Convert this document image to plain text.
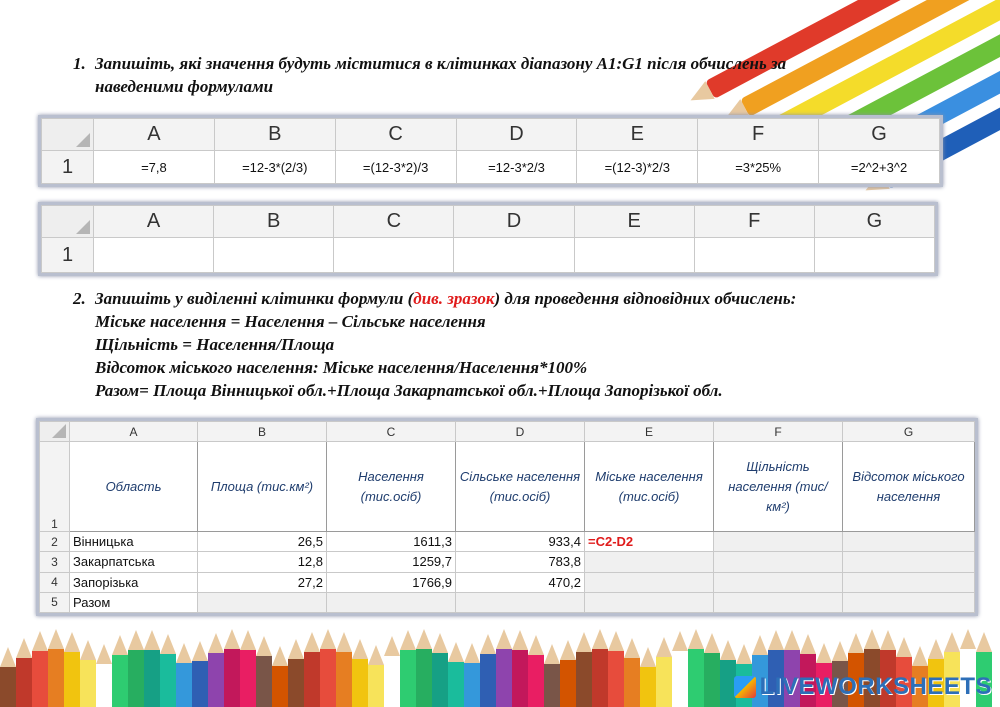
1. Запишіть, які значення будуть міститися в клітинках діапазону A1:G1 після обчислень за
наведеними формулами
	A	B	C	D	E	F	G
1	=7,8	=12-3*(2/3)	=(12-3*2)/3	=12-3*2/3	=(12-3)*2/3	=3*25%	=2^2+3^2
	A	B	C	D	E	F	G
1							
2. Запишіть у виділенні клітинки формули (див. зразок) для проведення відповідних обчислень:
Міське населення = Населення – Сільське населення
Щільність = Населення/Площа
Відсоток міського населення: Міське населення/Населення*100%
Разом= Площа Вінницької обл.+Площа Закарпатської обл.+Площа Запорізької обл.
	A	B	C	D	E	F	G
1	Область	Площа (тис.км²)	Населення (тис.осіб)	Сільське населення (тис.осіб)	Міське населення (тис.осіб)	Щільність населення (тис/км²)	Відсоток міського населення
2	Вінницька	26,5	1611,3	933,4	=C2-D2		
3	Закарпатська	12,8	1259,7	783,8			
4	Запорізька	27,2	1766,9	470,2			
5	Разом						
LIVEWORKSHEETS
